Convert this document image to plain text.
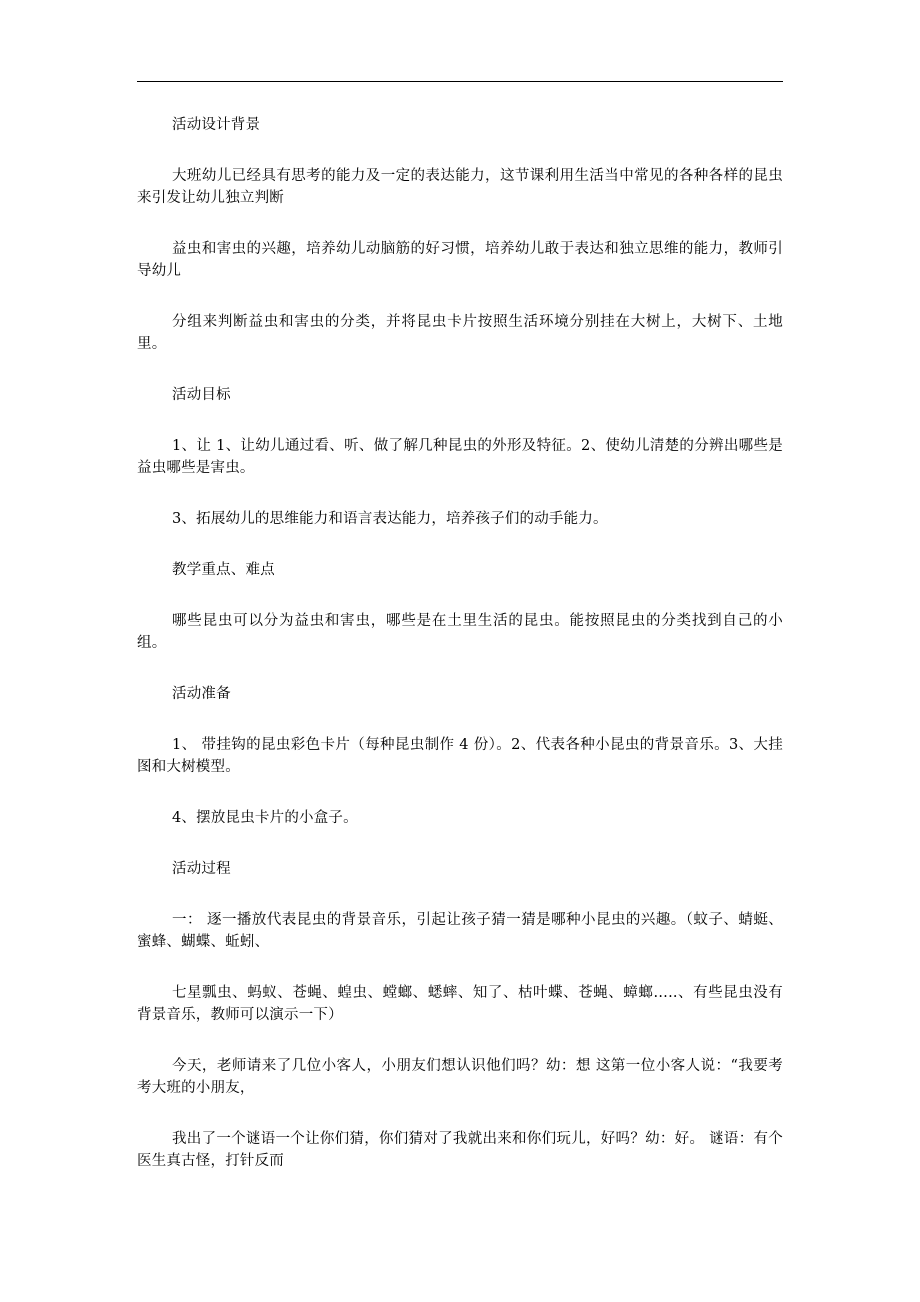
活动设计背景

大班幼儿已经具有思考的能力及一定的表达能力，这节课利用生活当中常见的各种各样的昆虫来引发让幼儿独立判断

益虫和害虫的兴趣，培养幼儿动脑筋的好习惯，培养幼儿敢于表达和独立思维的能力，教师引导幼儿

分组来判断益虫和害虫的分类，并将昆虫卡片按照生活环境分别挂在大树上，大树下、土地里。

活动目标

1、让 1、让幼儿通过看、听、做了解几种昆虫的外形及特征。2、使幼儿清楚的分辨出哪些是益虫哪些是害虫。

3、拓展幼儿的思维能力和语言表达能力，培养孩子们的动手能力。

教学重点、难点

哪些昆虫可以分为益虫和害虫，哪些是在土里生活的昆虫。能按照昆虫的分类找到自己的小组。

活动准备

1、 带挂钩的昆虫彩色卡片（每种昆虫制作 4 份）。2、代表各种小昆虫的背景音乐。3、大挂图和大树模型。

4、摆放昆虫卡片的小盒子。

活动过程

一： 逐一播放代表昆虫的背景音乐，引起让孩子猜一猜是哪种小昆虫的兴趣。（蚊子、蜻蜓、蜜蜂、蝴蝶、蚯蚓、

七星瓢虫、蚂蚁、苍蝇、蝗虫、螳螂、蟋蟀、知了、枯叶蝶、苍蝇、蟑螂…..、有些昆虫没有背景音乐，教师可以演示一下）

今天，老师请来了几位小客人，小朋友们想认识他们吗？幼：想 这第一位小客人说：“我要考考大班的小朋友，

我出了一个谜语一个让你们猜，你们猜对了我就出来和你们玩儿，好吗？幼：好。 谜语：有个医生真古怪，打针反而
